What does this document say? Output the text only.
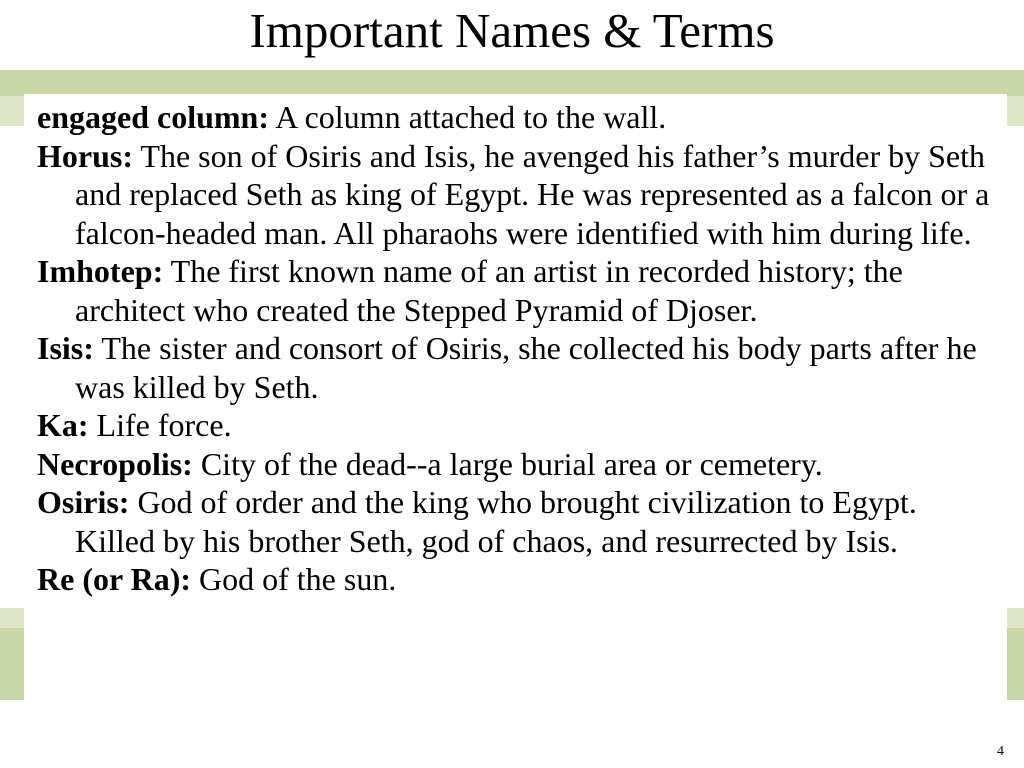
Important Names & Terms
engaged column: A column attached to the wall.
Horus: The son of Osiris and Isis, he avenged his father’s murder by Seth and replaced Seth as king of Egypt. He was represented as a falcon or a falcon-headed man. All pharaohs were identified with him during life.
Imhotep: The first known name of an artist in recorded history; the architect who created the Stepped Pyramid of Djoser.
Isis: The sister and consort of Osiris, she collected his body parts after he was killed by Seth.
Ka: Life force.
Necropolis: City of the dead--a large burial area or cemetery.
Osiris: God of order and the king who brought civilization to Egypt. Killed by his brother Seth, god of chaos, and resurrected by Isis.
Re (or Ra): God of the sun.
4
